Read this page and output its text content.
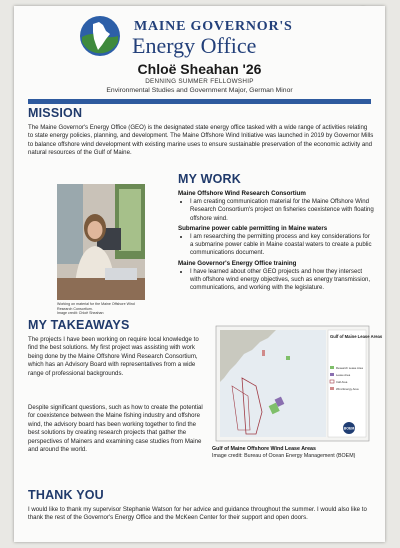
MAINE GOVERNOR'S
Energy Office
Chloë Sheahan '26
DENNING SUMMER FELLOWSHIP
Environmental Studies and Government Major, German Minor
MISSION

The Maine Governor's Energy Office (GEO) is the designated state energy office tasked with a wide range of activities relating to state energy policies, planning, and development. The Maine Offshore Wind Initiative was launched in 2019 by Governor Mills to balance offshore wind development with existing marine uses to ensure sustainable preservation of the economic activity and natural resources of the Gulf of Maine.

Working on material for the Maine Offshore Wind
Research Consortium.
Image credit: Chloë Sheahan
MY WORK
Maine Offshore Wind Research Consortium
• I am creating communication material for the Maine Offshore Wind Research Consortium's project on fisheries coexistence with floating offshore wind.
Submarine power cable permitting in Maine waters
• I am researching the permitting process and key considerations for a submarine power cable in Maine coastal waters to create a public communications document.
Maine Governor's Energy Office training
• I have learned about other GEO projects and how they intersect with offshore wind energy objectives, such as energy transmission, communications, and working with the legislature.
MY TAKEAWAYS

The projects I have been working on require local knowledge to find the best solutions. My first project was assisting with work being done by the Maine Offshore Wind Research Consortium, which has an Advisory Board with representatives from a wide range of professional backgrounds.

Despite significant questions, such as how to create the potential for coexistence between the Maine fishing industry and offshore wind, the advisory board has been working together to find the best solutions by creating research projects that gather the perspectives of Mainers and examining case studies from Maine and around the world.

Gulf of Maine Lease Areas
Research Lease Area
Lease Area
Call Area
Wind Energy Area
BOEM
Gulf of Maine Offshore Wind Lease Areas
Image credit: Bureau of Ocean Energy Management (BOEM)
THANK YOU

I would like to thank my supervisor Stephanie Watson for her advice and guidance throughout the summer. I would also like to thank the rest of the Governor's Energy Office and the McKeen Center for their support and open doors.
